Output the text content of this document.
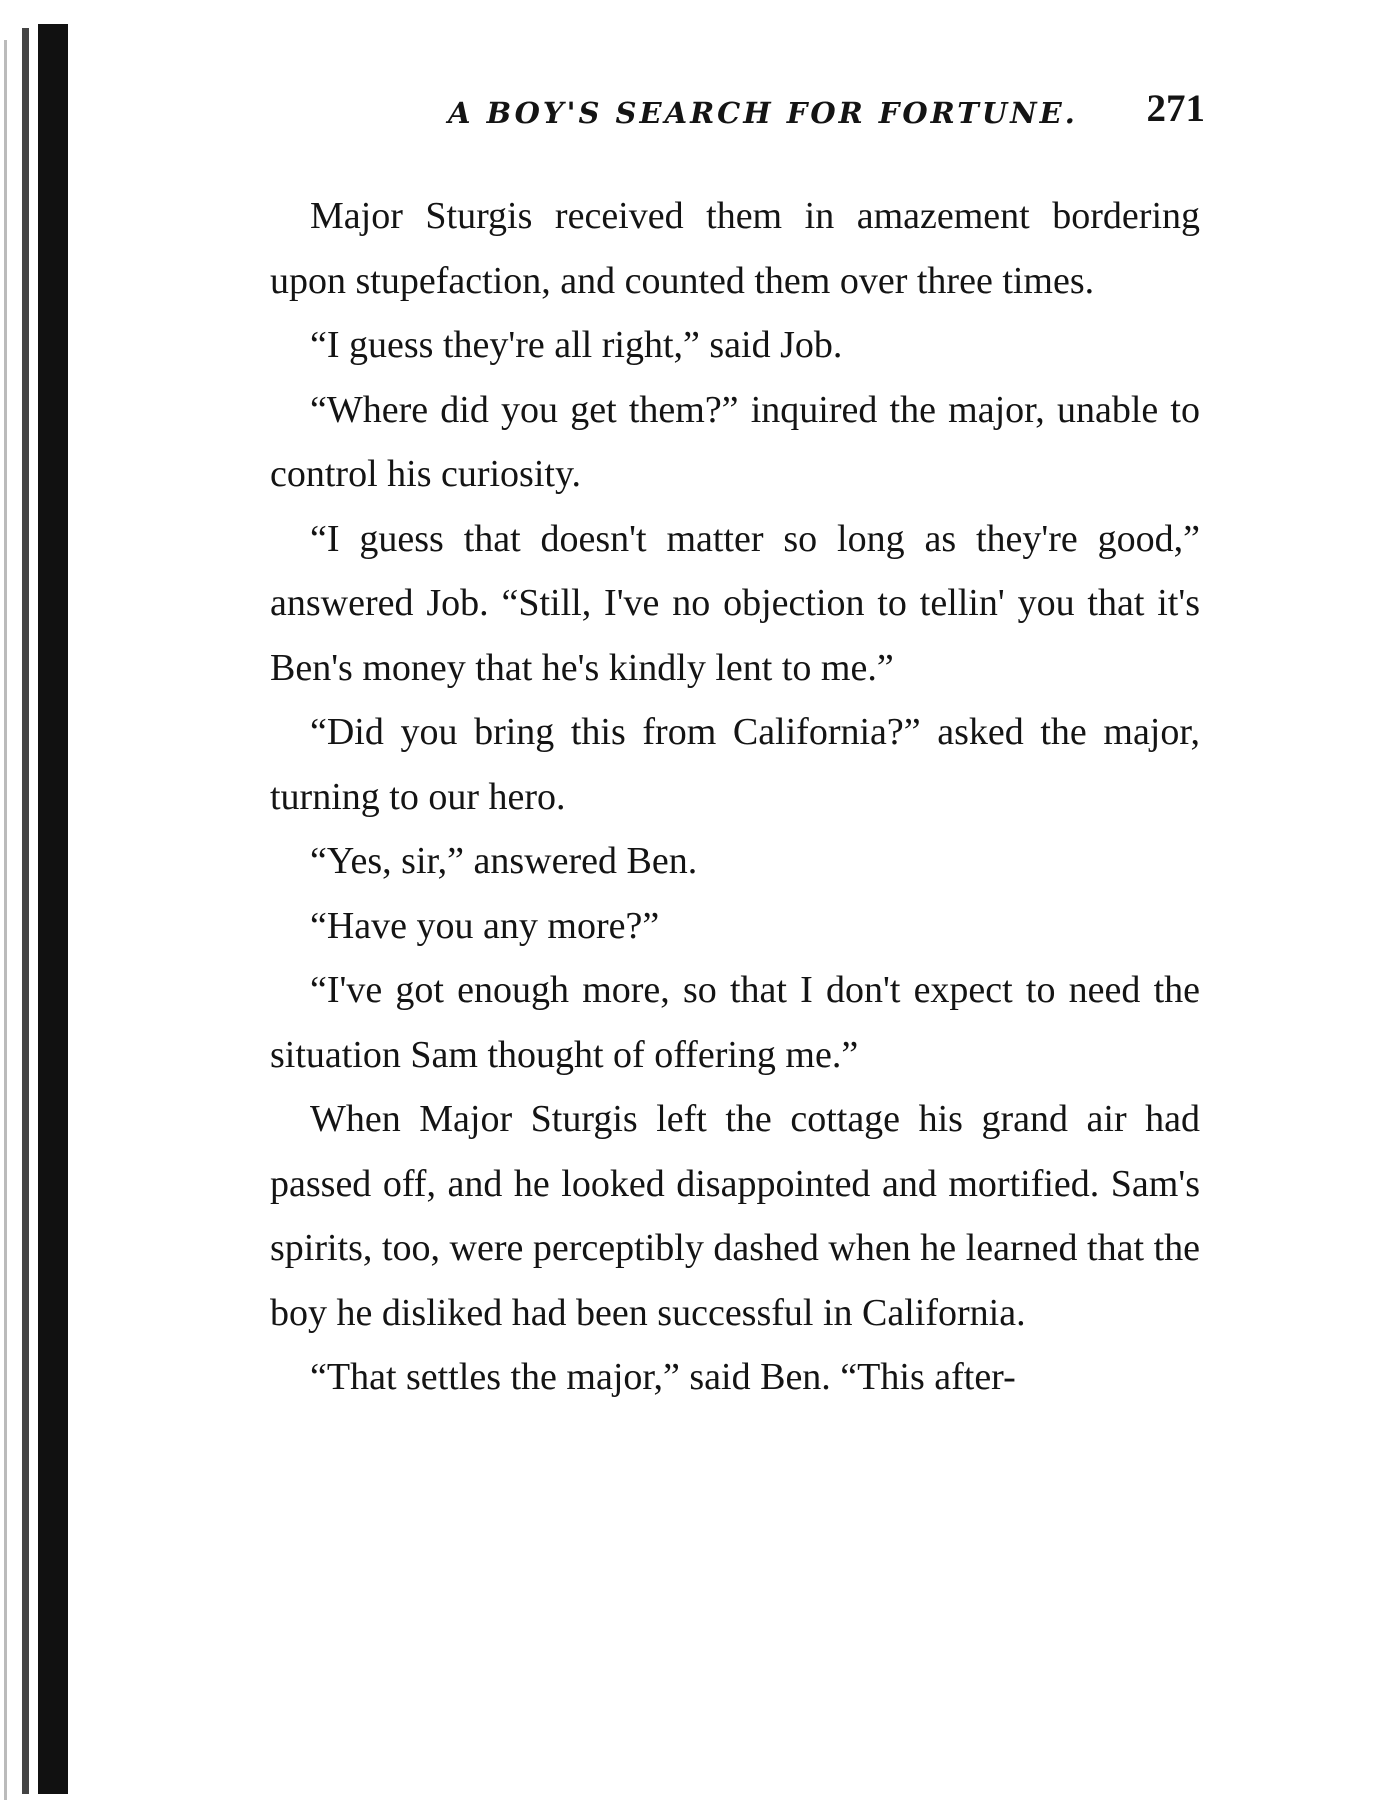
A BOY'S SEARCH FOR FORTUNE. 271

Major Sturgis received them in amazement bordering upon stupefaction, and counted them over three times.

“I guess they're all right,” said Job.

“Where did you get them?” inquired the major, unable to control his curiosity.

“I guess that doesn't matter so long as they're good,” answered Job. “Still, I've no objection to tellin' you that it's Ben's money that he's kindly lent to me.”

“Did you bring this from California?” asked the major, turning to our hero.

“Yes, sir,” answered Ben.

“Have you any more?”

“I've got enough more, so that I don't expect to need the situation Sam thought of offering me.”

When Major Sturgis left the cottage his grand air had passed off, and he looked disappointed and mortified. Sam's spirits, too, were perceptibly dashed when he learned that the boy he disliked had been successful in California.

“That settles the major,” said Ben. “This after-
